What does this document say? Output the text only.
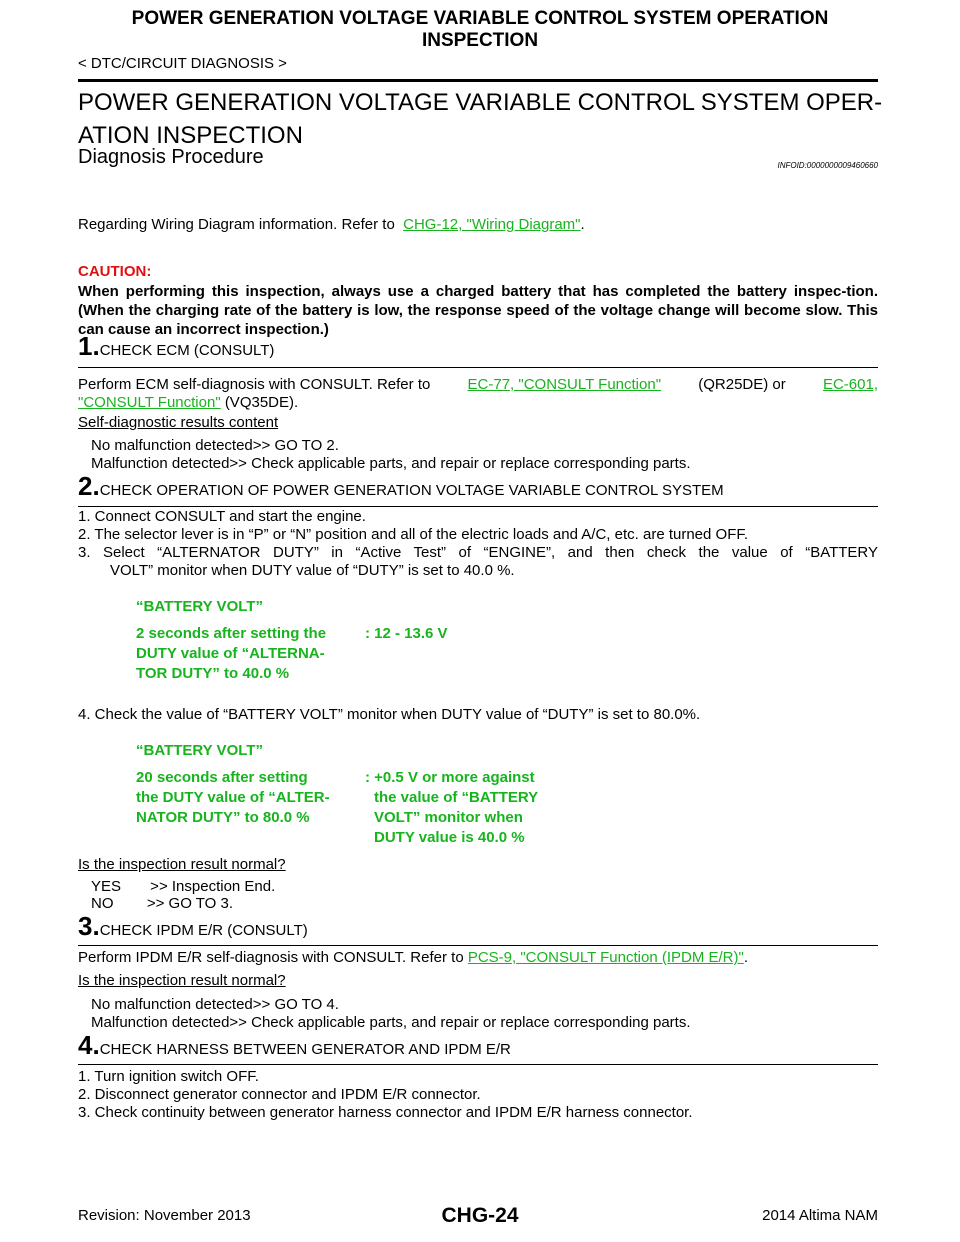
POWER GENERATION VOLTAGE VARIABLE CONTROL SYSTEM OPERATION
INSPECTION
< DTC/CIRCUIT DIAGNOSIS >
POWER GENERATION VOLTAGE VARIABLE CONTROL SYSTEM OPER-
ATION INSPECTION
Diagnosis Procedure	INFOID:0000000009460660
Regarding Wiring Diagram information. Refer to CHG-12, "Wiring Diagram".
CAUTION:
When performing this inspection, always use a charged battery that has completed the battery inspec-tion. (When the charging rate of the battery is low, the response speed of the voltage change will become slow. This can cause an incorrect inspection.)
1.CHECK ECM (CONSULT)
Perform ECM self-diagnosis with CONSULT. Refer to EC-77, "CONSULT Function" (QR25DE) or EC-601,
"CONSULT Function" (VQ35DE).
Self-diagnostic results content
No malfunction detected>> GO TO 2.
Malfunction detected>> Check applicable parts, and repair or replace corresponding parts.
2.CHECK OPERATION OF POWER GENERATION VOLTAGE VARIABLE CONTROL SYSTEM
1. Connect CONSULT and start the engine.
2. The selector lever is in “P” or “N” position and all of the electric loads and A/C, etc. are turned OFF.
3. Select “ALTERNATOR DUTY” in “Active Test” of “ENGINE”, and then check the value of “BATTERY
VOLT” monitor when DUTY value of “DUTY” is set to 40.0 %.
“BATTERY VOLT”
2 seconds after setting the
DUTY value of “ALTERNA-
TOR DUTY” to 40.0 %
: 12 - 13.6 V
4. Check the value of “BATTERY VOLT” monitor when DUTY value of “DUTY” is set to 80.0%.
“BATTERY VOLT”
20 seconds after setting
the DUTY value of “ALTER-
NATOR DUTY” to 80.0 %
: +0.5 V or more against
the value of “BATTERY
VOLT” monitor when
DUTY value is 40.0 %
Is the inspection result normal?
YES       >> Inspection End.
NO        >> GO TO 3.
3.CHECK IPDM E/R (CONSULT)
Perform IPDM E/R self-diagnosis with CONSULT. Refer to PCS-9, "CONSULT Function (IPDM E/R)".
Is the inspection result normal?
No malfunction detected>> GO TO 4.
Malfunction detected>> Check applicable parts, and repair or replace corresponding parts.
4.CHECK HARNESS BETWEEN GENERATOR AND IPDM E/R
1. Turn ignition switch OFF.
2. Disconnect generator connector and IPDM E/R connector.
3. Check continuity between generator harness connector and IPDM E/R harness connector.
Revision: November 2013	CHG-24	2014 Altima NAM
